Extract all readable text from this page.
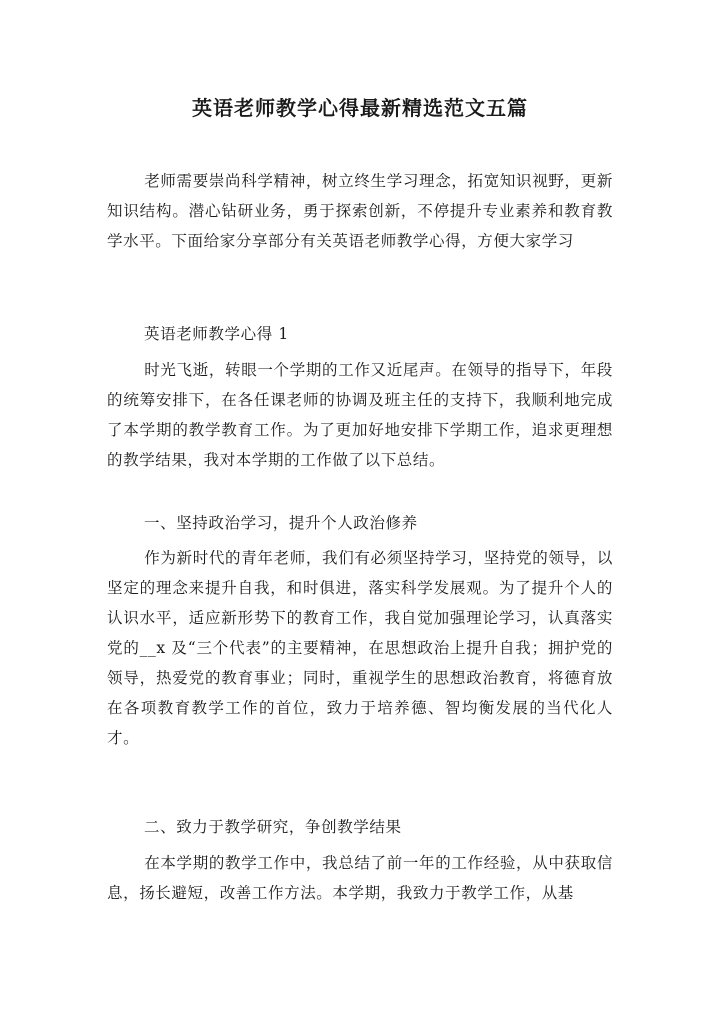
英语老师教学心得最新精选范文五篇
老师需要崇尚科学精神，树立终生学习理念，拓宽知识视野，更新知识结构。潜心钻研业务，勇于探索创新，不停提升专业素养和教育教学水平。下面给家分享部分有关英语老师教学心得，方便大家学习
英语老师教学心得 1
时光飞逝，转眼一个学期的工作又近尾声。在领导的指导下，年段的统筹安排下，在各任课老师的协调及班主任的支持下，我顺利地完成了本学期的教学教育工作。为了更加好地安排下学期工作，追求更理想的教学结果，我对本学期的工作做了以下总结。
一、坚持政治学习，提升个人政治修养
作为新时代的青年老师，我们有必须坚持学习，坚持党的领导，以坚定的理念来提升自我，和时俱进，落实科学发展观。为了提升个人的认识水平，适应新形势下的教育工作，我自觉加强理论学习，认真落实党的__x 及“三个代表”的主要精神，在思想政治上提升自我；拥护党的领导，热爱党的教育事业；同时，重视学生的思想政治教育，将德育放在各项教育教学工作的首位，致力于培养德、智均衡发展的当代化人才。
二、致力于教学研究，争创教学结果
在本学期的教学工作中，我总结了前一年的工作经验，从中获取信息，扬长避短，改善工作方法。本学期，我致力于教学工作，从基
